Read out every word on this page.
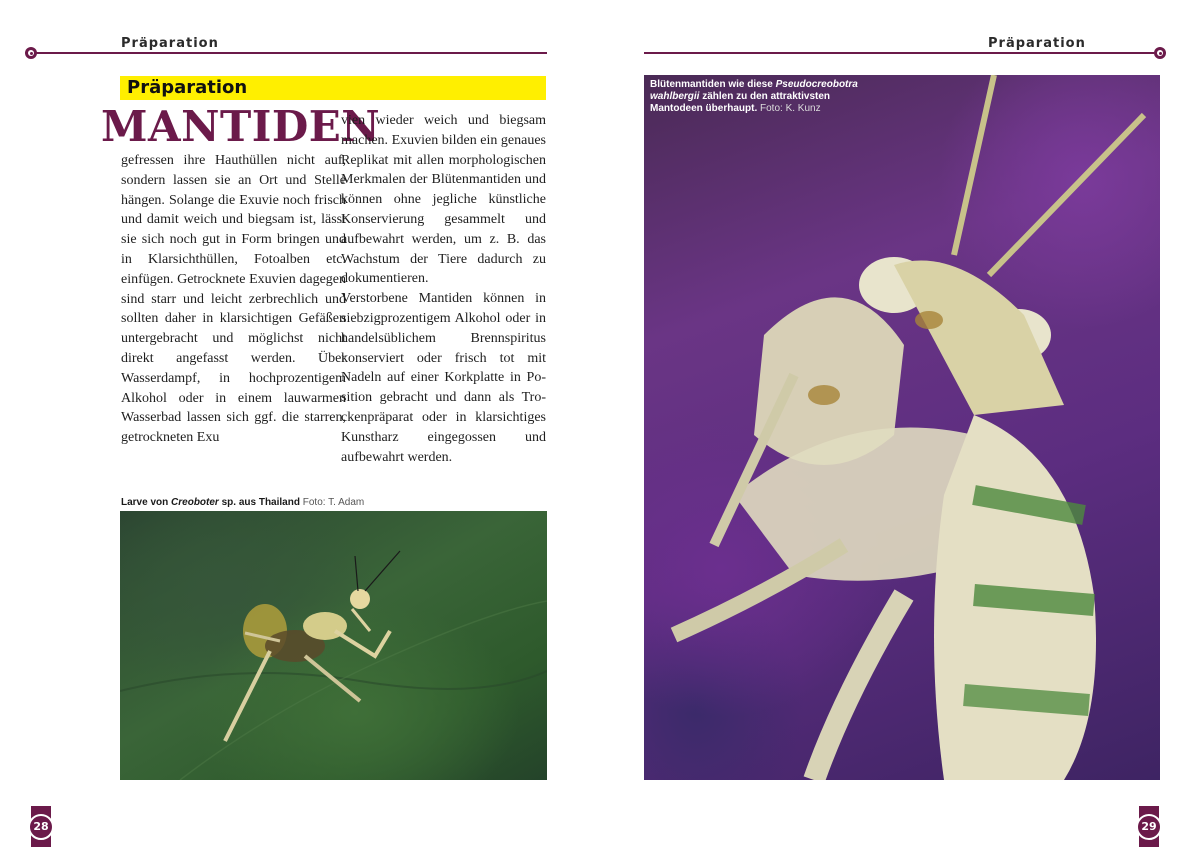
Präparation	Präparation
Präparation
MANTIDEN

gefressen ihre Hauthüllen nicht auf, sondern lassen sie an Ort und Stelle hängen. Solange die Exuvie noch frisch und damit weich und biegsam ist, lässt sie sich noch gut in Form bringen und in Klarsichthüllen, Fotoalben etc. einfügen. Getrocknete Exuvien dagegen sind starr und leicht zerbrechlich und sollten daher in klarsichtigen Gefäßen untergebracht und möglichst nicht direkt angefasst werden. Über Wasserdampf, in hochprozentigem Alkohol oder in einem lauwarmen Wasserbad lassen sich ggf. die starren, getrockneten Exu

vien wieder weich und biegsam machen. Exuvien bilden ein genaues Replikat mit allen morphologischen Merkmalen der Blütenmantiden und können ohne jegliche künstliche Konservierung gesammelt und aufbewahrt werden, um z. B. das Wachstum der Tiere dadurch zu dokumentieren.

Verstorbene Mantiden können in siebzigprozentigem Alkohol oder in handelsüblichem Brennspiritus konserviert oder frisch tot mit Nadeln auf einer Korkplatte in Position gebracht und dann als Trockenpräparat oder in klarsichtiges Kunstharz eingegossen und aufbewahrt werden.

Larve von Creoboter sp. aus Thailand Foto: T. Adam
Blütenmantiden wie diese Pseudocreobotra wahlbergii zählen zu den attraktivsten Mantodeen überhaupt. Foto: K. Kunz
28	29
